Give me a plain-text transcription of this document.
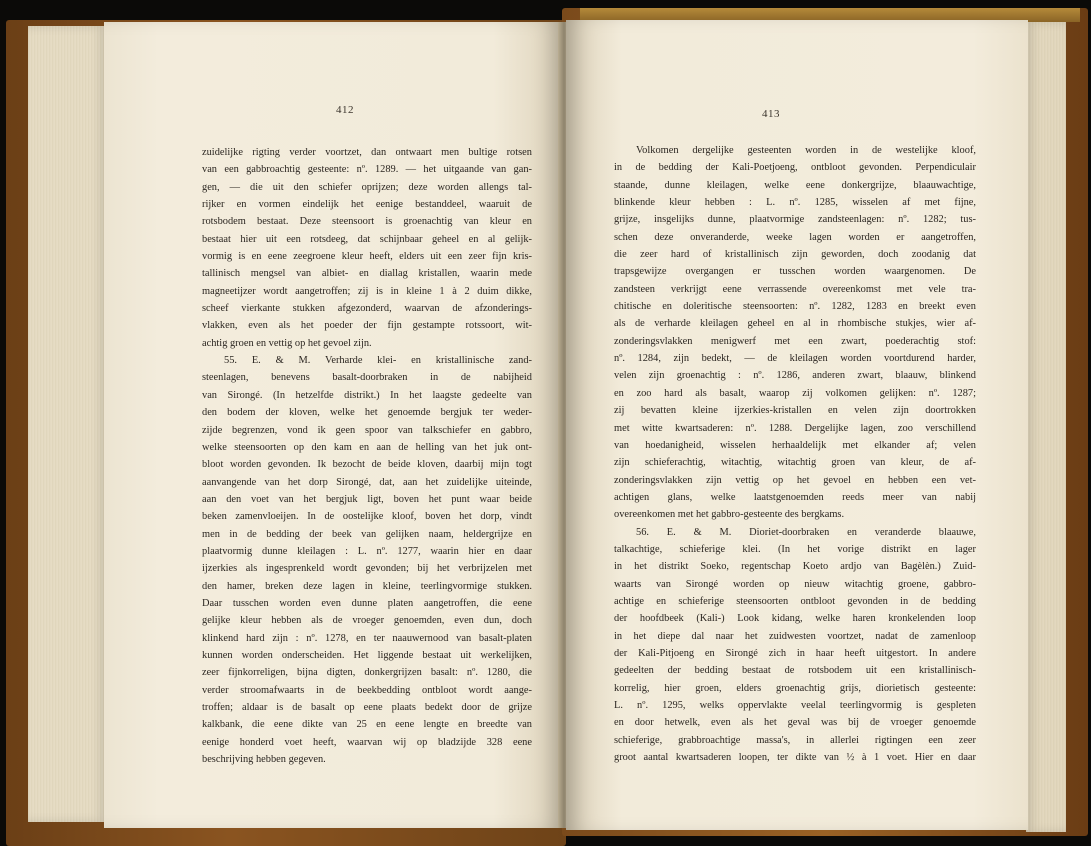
412
zuidelijke rigting verder voortzet, dan ontwaart men bultige rotsen
van een gabbroachtig gesteente: nº. 1289. — het uitgaande van gan-
gen, — die uit den schiefer oprijzen; deze worden allengs tal-
rijker en vormen eindelijk het eenige bestanddeel, waaruit de
rotsbodem bestaat. Deze steensoort is groenachtig van kleur en
bestaat hier uit een rotsdeeg, dat schijnbaar geheel en al gelijk-
vormig is en eene zeegroene kleur heeft, elders uit een zeer fijn kris-
tallinisch mengsel van albiet- en diallag kristallen, waarin mede
magneetijzer wordt aangetroffen; zij is in kleine 1 à 2 duim dikke,
scheef vierkante stukken afgezonderd, waarvan de afzonderings-
vlakken, even als het poeder der fijn gestampte rotssoort, wit-
achtig groen en vettig op het gevoel zijn.
55. E. & M. Verharde klei- en kristallinische zand-
steenlagen, benevens basalt-doorbraken in de nabijheid
van Sirongé. (In hetzelfde distrikt.) In het laagste gedeelte van
den bodem der kloven, welke het genoemde bergjuk ter weder-
zijde begrenzen, vond ik geen spoor van talkschiefer en gabbro,
welke steensoorten op den kam en aan de helling van het juk ont-
bloot worden gevonden. Ik bezocht de beide kloven, daarbij mijn togt
aanvangende van het dorp Sirongé, dat, aan het zuidelijke uiteinde,
aan den voet van het bergjuk ligt, boven het punt waar beide
beken zamenvloeijen. In de oostelijke kloof, boven het dorp, vindt
men in de bedding der beek van gelijken naam, heldergrijze en
plaatvormig dunne kleilagen : L. nº. 1277, waarin hier en daar
ijzerkies als ingesprenkeld wordt gevonden; bij het verbrijzelen met
den hamer, breken deze lagen in kleine, teerlingvormige stukken.
Daar tusschen worden even dunne platen aangetroffen, die eene
gelijke kleur hebben als de vroeger genoemden, even dun, doch
klinkend hard zijn : nº. 1278, en ter naauwernood van basalt-platen
kunnen worden onderscheiden. Het liggende bestaat uit werkelijken,
zeer fijnkorreligen, bijna digten, donkergrijzen basalt: nº. 1280, die
verder stroomafwaarts in de beekbedding ontbloot wordt aange-
troffen; aldaar is de basalt op eene plaats bedekt door de grijze
kalkbank, die eene dikte van 25 en eene lengte en breedte van
eenige honderd voet heeft, waarvan wij op bladzijde 328 eene
beschrijving hebben gegeven.
413
Volkomen dergelijke gesteenten worden in de westelijke kloof,
in de bedding der Kali-Poetjoeng, ontbloot gevonden. Perpendiculair
staande, dunne kleilagen, welke eene donkergrijze, blaauwachtige,
blinkende kleur hebben : L. nº. 1285, wisselen af met fijne,
grijze, insgelijks dunne, plaatvormige zandsteenlagen: nº. 1282; tus-
schen deze onveranderde, weeke lagen worden er aangetroffen,
die zeer hard of kristallinisch zijn geworden, doch zoodanig dat
trapsgewijze overgangen er tusschen worden waargenomen. De
zandsteen verkrijgt eene verrassende overeenkomst met vele tra-
chitische en doleritische steensoorten: nº. 1282, 1283 en breekt even
als de verharde kleilagen geheel en al in rhombische stukjes, wier af-
zonderingsvlakken menigwerf met een zwart, poederachtig stof:
nº. 1284, zijn bedekt, — de kleilagen worden voortdurend harder,
velen zijn groenachtig : nº. 1286, anderen zwart, blaauw, blinkend
en zoo hard als basalt, waarop zij volkomen gelijken: nº. 1287;
zij bevatten kleine ijzerkies-kristallen en velen zijn doortrokken
met witte kwartsaderen: nº. 1288. Dergelijke lagen, zoo verschillend
van hoedanigheid, wisselen herhaaldelijk met elkander af; velen
zijn schieferachtig, witachtig, witachtig groen van kleur, de af-
zonderingsvlakken zijn vettig op het gevoel en hebben een vet-
achtigen glans, welke laatstgenoemden reeds meer van nabij
overeenkomen met het gabbro-gesteente des bergkams.
56. E. & M. Dioriet-doorbraken en veranderde blaauwe,
talkachtige, schieferige klei. (In het vorige distrikt en lager
in het distrikt Soeko, regentschap Koeto ardjo van Bagèlèn.) Zuid-
waarts van Sirongé worden op nieuw witachtig groene, gabbro-
achtige en schieferige steensoorten ontbloot gevonden in de bedding
der hoofdbeek (Kali-) Look kidang, welke haren kronkelenden loop
in het diepe dal naar het zuidwesten voortzet, nadat de zamenloop
der Kali-Pitjoeng en Sirongé zich in haar heeft uitgestort. In andere
gedeelten der bedding bestaat de rotsbodem uit een kristallinisch-
korrelig, hier groen, elders groenachtig grijs, diorietisch gesteente:
L. nº. 1295, welks oppervlakte veelal teerlingvormig is gespleten
en door hetwelk, even als het geval was bij de vroeger genoemde
schieferige, grabbroachtige massa's, in allerlei rigtingen een zeer
groot aantal kwartsaderen loopen, ter dikte van ½ à 1 voet. Hier en daar
